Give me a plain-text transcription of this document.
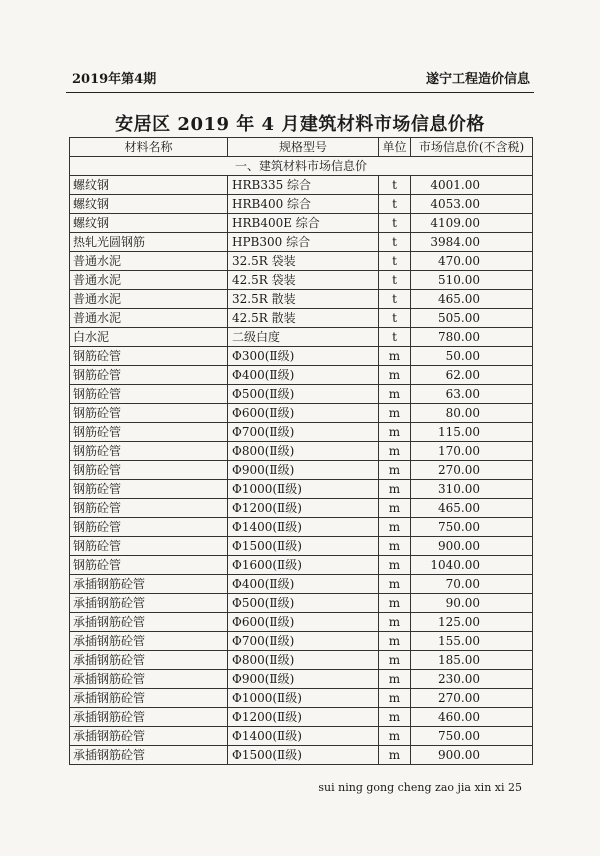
2019年第4期	遂宁工程造价信息
安居区 2019 年 4 月建筑材料市场信息价格
材料名称	规格型号	单位	市场信息价(不含税)
一、建筑材料市场信息价			
螺纹钢	HRB335 综合	t	4001.00
螺纹钢	HRB400 综合	t	4053.00
螺纹钢	HRB400E 综合	t	4109.00
热轧光圆钢筋	HPB300 综合	t	3984.00
普通水泥	32.5R 袋装	t	470.00
普通水泥	42.5R 袋装	t	510.00
普通水泥	32.5R 散装	t	465.00
普通水泥	42.5R 散装	t	505.00
白水泥	二级白度	t	780.00
钢筋砼管	Φ300(Ⅱ级)	m	50.00
钢筋砼管	Φ400(Ⅱ级)	m	62.00
钢筋砼管	Φ500(Ⅱ级)	m	63.00
钢筋砼管	Φ600(Ⅱ级)	m	80.00
钢筋砼管	Φ700(Ⅱ级)	m	115.00
钢筋砼管	Φ800(Ⅱ级)	m	170.00
钢筋砼管	Φ900(Ⅱ级)	m	270.00
钢筋砼管	Φ1000(Ⅱ级)	m	310.00
钢筋砼管	Φ1200(Ⅱ级)	m	465.00
钢筋砼管	Φ1400(Ⅱ级)	m	750.00
钢筋砼管	Φ1500(Ⅱ级)	m	900.00
钢筋砼管	Φ1600(Ⅱ级)	m	1040.00
承插钢筋砼管	Φ400(Ⅱ级)	m	70.00
承插钢筋砼管	Φ500(Ⅱ级)	m	90.00
承插钢筋砼管	Φ600(Ⅱ级)	m	125.00
承插钢筋砼管	Φ700(Ⅱ级)	m	155.00
承插钢筋砼管	Φ800(Ⅱ级)	m	185.00
承插钢筋砼管	Φ900(Ⅱ级)	m	230.00
承插钢筋砼管	Φ1000(Ⅱ级)	m	270.00
承插钢筋砼管	Φ1200(Ⅱ级)	m	460.00
承插钢筋砼管	Φ1400(Ⅱ级)	m	750.00
承插钢筋砼管	Φ1500(Ⅱ级)	m	900.00
sui ning gong cheng zao jia xin xi 25
